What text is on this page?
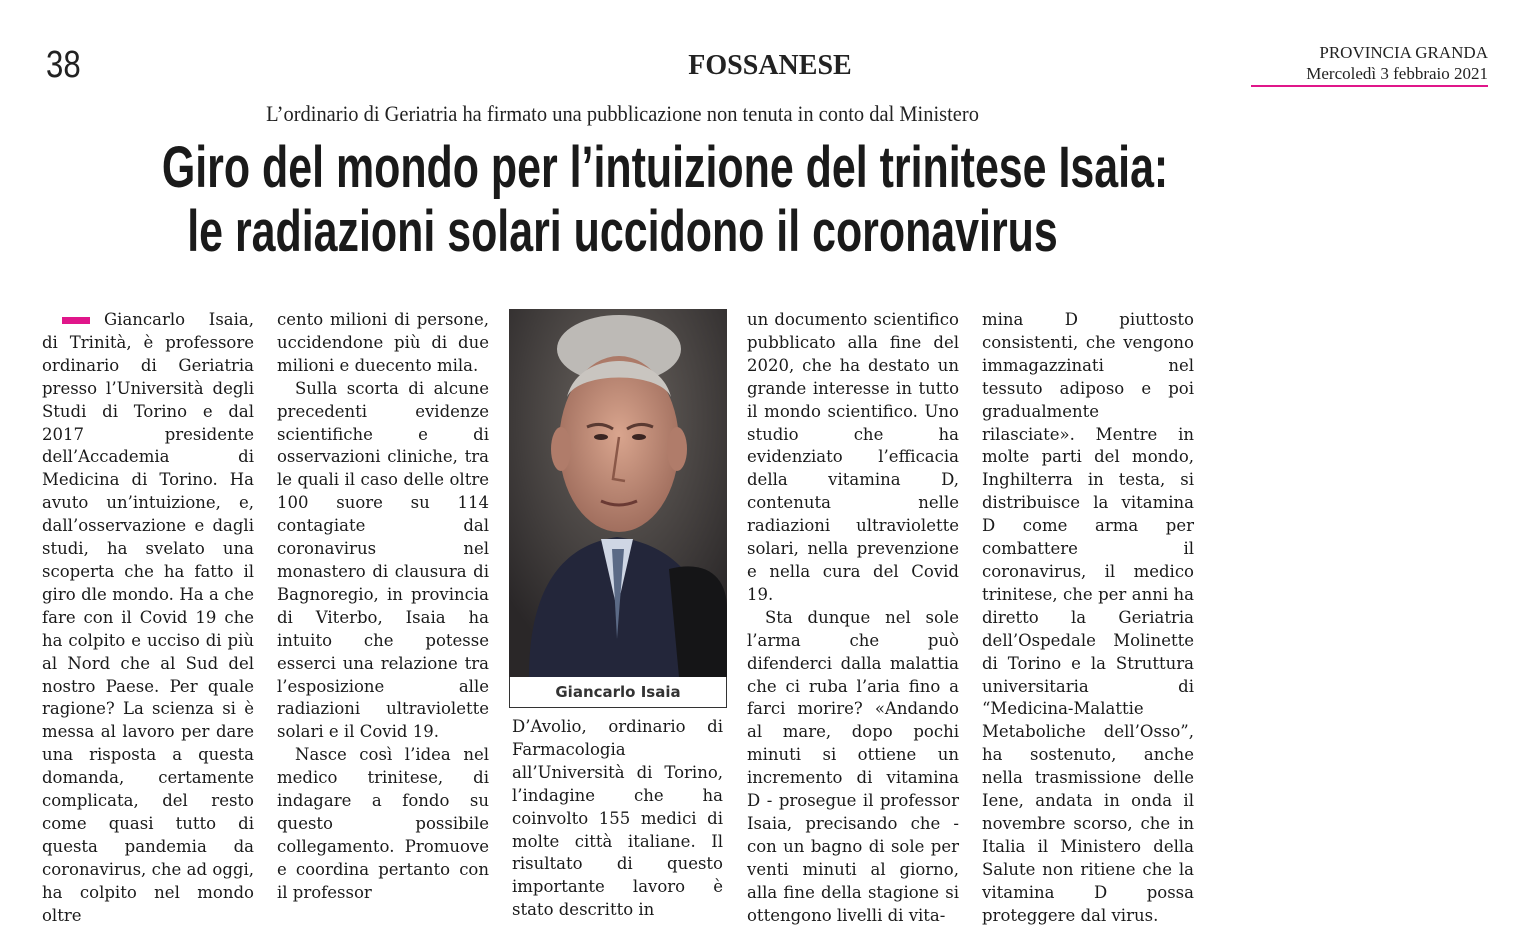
38	FOSSANESE	PROVINCIA GRANDA
Mercoledì 3 febbraio 2021
L’ordinario di Geriatria ha firmato una pubblicazione non tenuta in conto dal Ministero
Giro del mondo per l’intuizione del trinitese Isaia:
le radiazioni solari uccidono il coronavirus

Giancarlo Isaia, di Trinità, è professore ordinario di Geriatria presso l’Università degli Studi di Torino e dal 2017 presidente dell’Accademia di Medicina di Torino. Ha avuto un’intuizione, e, dall’osservazione e dagli studi, ha svelato una scoperta che ha fatto il giro dle mondo. Ha a che fare con il Covid 19 che ha colpito e ucciso di più al Nord che al Sud del nostro Paese. Per quale ragione? La scienza si è messa al lavoro per dare una risposta a questa domanda, certamente complicata, del resto come quasi tutto di questa pandemia da coronavirus, che ad oggi, ha colpito nel mondo oltre

cento milioni di persone, uccidendone più di due milioni e duecento mila.

Sulla scorta di alcune precedenti evidenze scientifiche e di osservazioni cliniche, tra le quali il caso delle oltre 100 suore su 114 contagiate dal coronavirus nel monastero di clausura di Bagnoregio, in provincia di Viterbo, Isaia ha intuito che potesse esserci una relazione tra l’esposizione alle radiazioni ultraviolette solari e il Covid 19.

Nasce così l’idea nel medico trinitese, di indagare a fondo su questo possibile collegamento. Promuove e coordina pertanto con il professor

Giancarlo Isaia

D’Avolio, ordinario di Farmacologia all’Università di Torino, l’indagine che ha coinvolto 155 medici di molte città italiane. Il risultato di questo importante lavoro è stato descritto in

un documento scientifico pubblicato alla fine del 2020, che ha destato un grande interesse in tutto il mondo scientifico. Uno studio che ha evidenziato l’efficacia della vitamina D, contenuta nelle radiazioni ultraviolette solari, nella prevenzione e nella cura del Covid 19.

Sta dunque nel sole l’arma che può difenderci dalla malattia che ci ruba l’aria fino a farci morire? «Andando al mare, dopo pochi minuti si ottiene un incremento di vitamina D - prosegue il professor Isaia, precisando che - con un bagno di sole per venti minuti al giorno, alla fine della stagione si ottengono livelli di vita-

mina D piuttosto consistenti, che vengono immagazzinati nel tessuto adiposo e poi gradualmente rilasciate». Mentre in molte parti del mondo, Inghilterra in testa, si distribuisce la vitamina D come arma per combattere il coronavirus, il medico trinitese, che per anni ha diretto la Geriatria dell’Ospedale Molinette di Torino e la Struttura universitaria di “Medicina-Malattie Metaboliche dell’Osso”, ha sostenuto, anche nella trasmissione delle Iene, andata in onda il novembre scorso, che in Italia il Ministero della Salute non ritiene che la vitamina D possa proteggere dal virus.
